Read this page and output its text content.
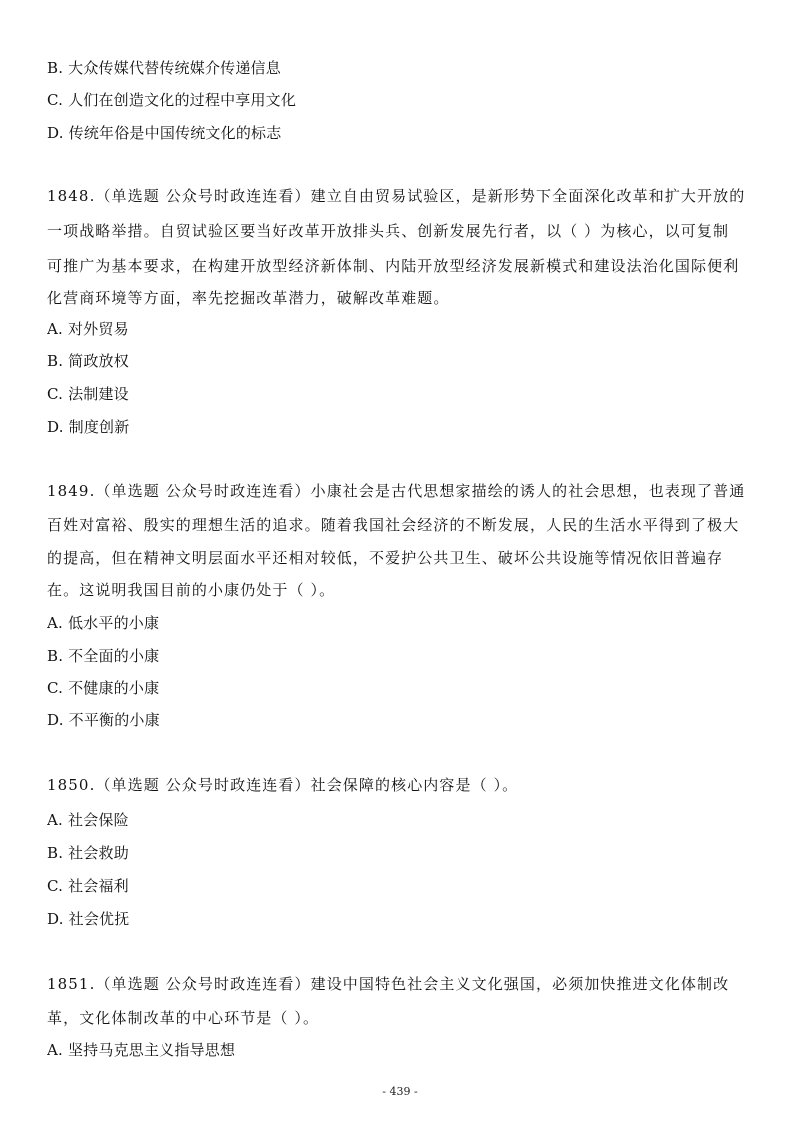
B. 大众传媒代替传统媒介传递信息
C. 人们在创造文化的过程中享用文化
D. 传统年俗是中国传统文化的标志
1848.（单选题 公众号时政连连看）建立自由贸易试验区，是新形势下全面深化改革和扩大开放的
一项战略举措。自贸试验区要当好改革开放排头兵、创新发展先行者，以（ ）为核心，以可复制
可推广为基本要求，在构建开放型经济新体制、内陆开放型经济发展新模式和建设法治化国际便利
化营商环境等方面，率先挖掘改革潜力，破解改革难题。
A. 对外贸易
B. 简政放权
C. 法制建设
D. 制度创新
1849.（单选题 公众号时政连连看）小康社会是古代思想家描绘的诱人的社会思想，也表现了普通
百姓对富裕、殷实的理想生活的追求。随着我国社会经济的不断发展，人民的生活水平得到了极大
的提高，但在精神文明层面水平还相对较低，不爱护公共卫生、破坏公共设施等情况依旧普遍存
在。这说明我国目前的小康仍处于（ ）。
A. 低水平的小康
B. 不全面的小康
C. 不健康的小康
D. 不平衡的小康
1850.（单选题 公众号时政连连看）社会保障的核心内容是（ ）。
A. 社会保险
B. 社会救助
C. 社会福利
D. 社会优抚
1851.（单选题 公众号时政连连看）建设中国特色社会主义文化强国，必须加快推进文化体制改
革，文化体制改革的中心环节是（ ）。
A. 坚持马克思主义指导思想
- 439 -
